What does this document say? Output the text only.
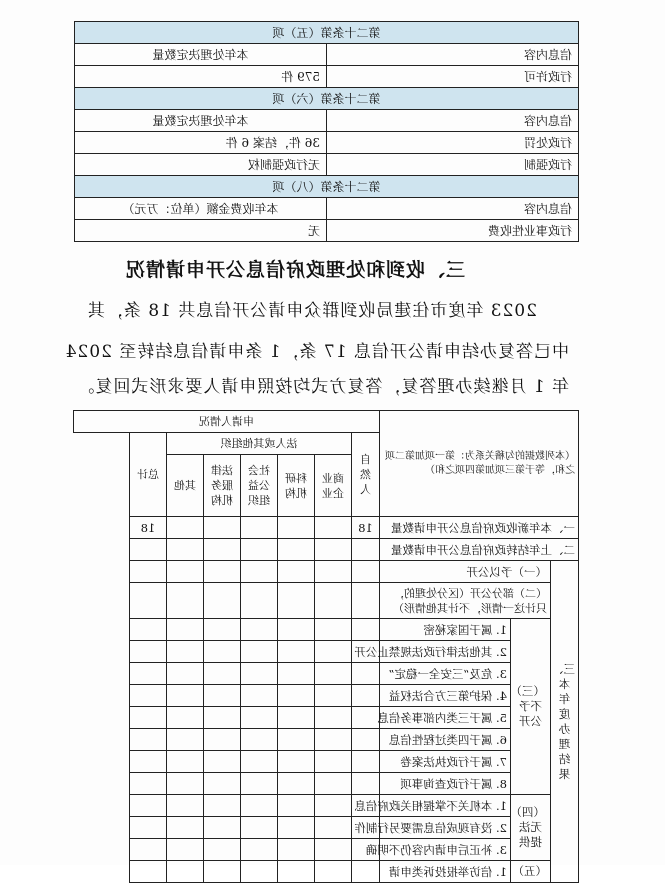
第二十条第（五）项	
信息内容	本年处理决定数量
行政许可	579 件
第二十条第（六）项	
信息内容	本年处理决定数量
行政处罚	36 件，结案 6 件
行政强制	无行政强制权
第二十条第（八）项	
信息内容	本年收费金额（单位：万元）
行政事业性收费	无
三、收到和处理政府信息公开申请情况
2023 年度市住建局收到群众申请公开信息共 18 条，其
中已答复办结申请公开信息 17 条，1 条申请信息结转至 2024
年 1 月继续办理答复，答复方式均按照申请人要求形式回复。
（本列数据的勾稽关系为：第一项加第二项之和，等于第三项加第四项之和）			申请人情况						
			自然人	法人或其他组织					总计
				商业企业	科研机构	社会公益组织	法律服务机构	其他	
一、本年新收政府信息公开申请数量			18						18
二、上年结转政府信息公开申请数量									
三、本年度办理结果	（一）予以公开								
	（二）部分公开（区分处理的，只计这一情形，不计其他情形）								
	（三）不予公开	1. 属于国家秘密							
		2. 其他法律行政法规禁止公开							
		3. 危及“三安全一稳定”							
		4. 保护第三方合法权益							
		5. 属于三类内部事务信息							
		6. 属于四类过程性信息							
		7. 属于行政执法案卷							
		8. 属于行政查询事项							
	（四）无法提供	1. 本机关不掌握相关政府信息							
		2. 没有现成信息需要另行制作							
		3. 补正后申请内容仍不明确							
	（五）	1. 信访举报投诉类申请							
